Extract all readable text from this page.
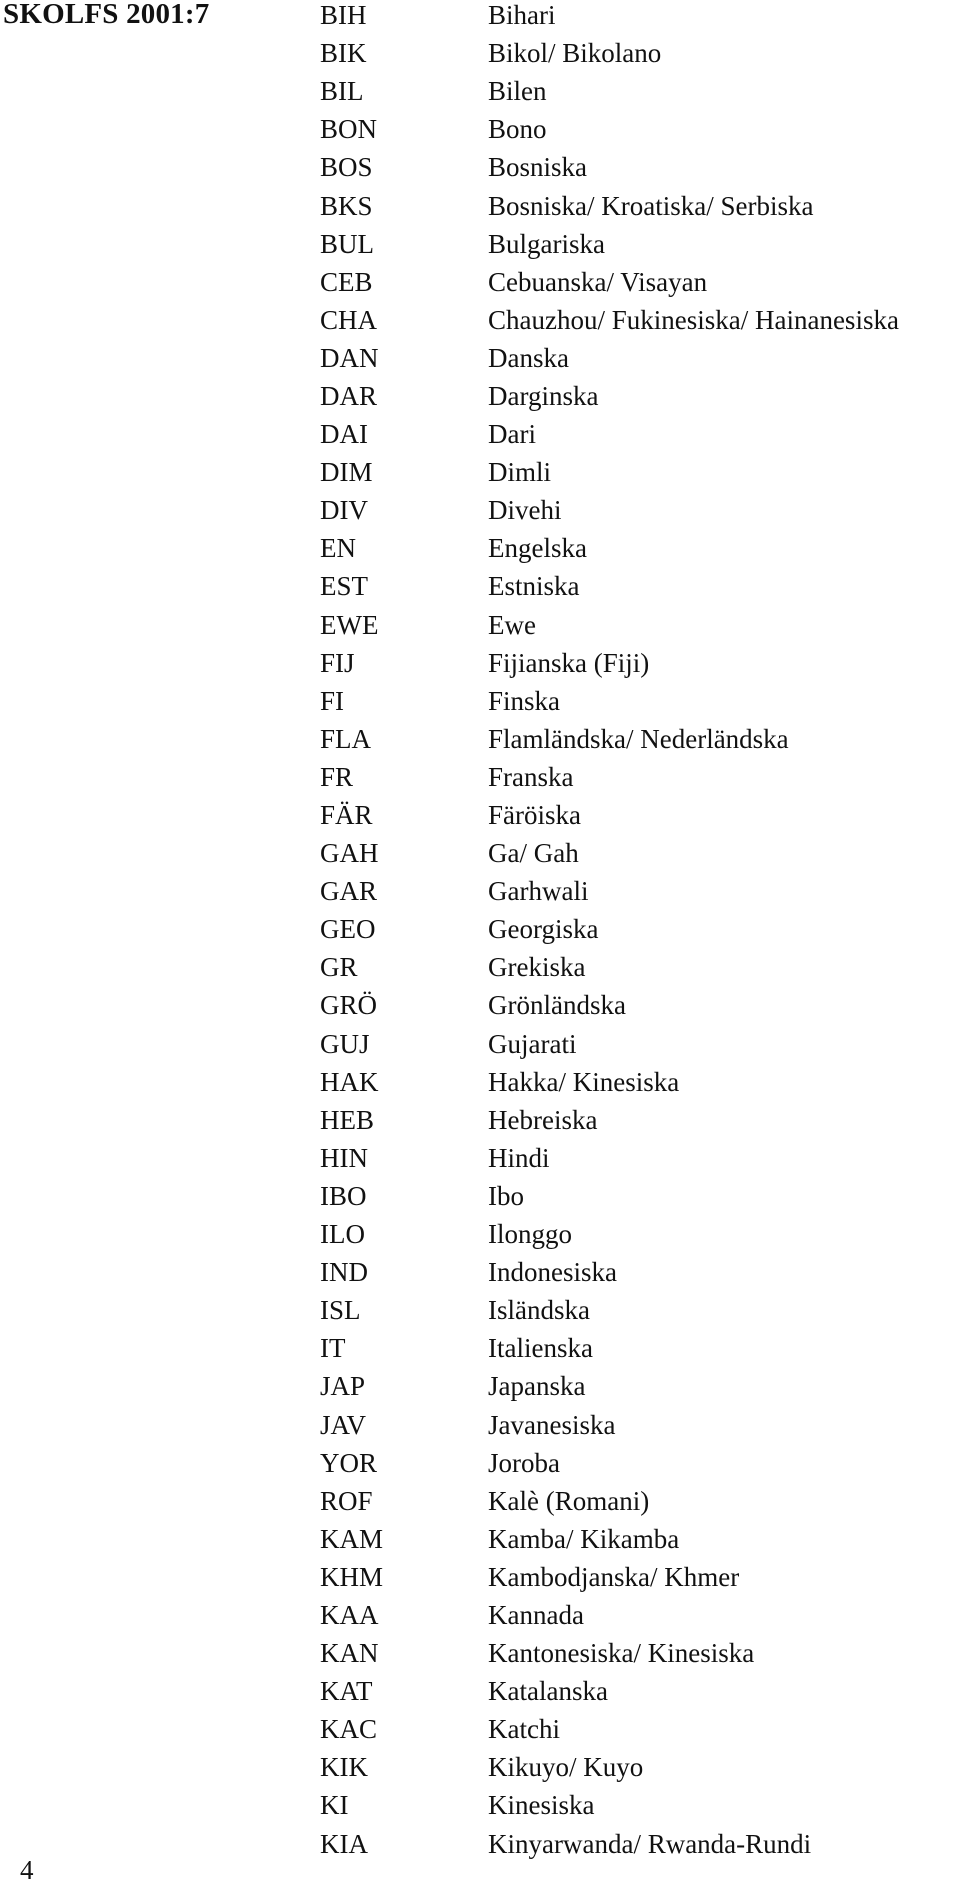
SKOLFS 2001:7	BIH	Bihari
BIK	Bikol/ Bikolano
BIL	Bilen
BON	Bono
BOS	Bosniska
BKS	Bosniska/ Kroatiska/ Serbiska
BUL	Bulgariska
CEB	Cebuanska/ Visayan
CHA	Chauzhou/ Fukinesiska/ Hainanesiska
DAN	Danska
DAR	Darginska
DAI	Dari
DIM	Dimli
DIV	Divehi
EN	Engelska
EST	Estniska
EWE	Ewe
FIJ	Fijianska (Fiji)
FI	Finska
FLA	Flamländska/ Nederländska
FR	Franska
FÄR	Färöiska
GAH	Ga/ Gah
GAR	Garhwali
GEO	Georgiska
GR	Grekiska
GRÖ	Grönländska
GUJ	Gujarati
HAK	Hakka/ Kinesiska
HEB	Hebreiska
HIN	Hindi
IBO	Ibo
ILO	Ilonggo
IND	Indonesiska
ISL	Isländska
IT	Italienska
JAP	Japanska
JAV	Javanesiska
YOR	Joroba
ROF	Kalè (Romani)
KAM	Kamba/ Kikamba
KHM	Kambodjanska/ Khmer
KAA	Kannada
KAN	Kantonesiska/ Kinesiska
KAT	Katalanska
KAC	Katchi
KIK	Kikuyo/ Kuyo
KI	Kinesiska
KIA	Kinyarwanda/ Rwanda-Rundi
4
